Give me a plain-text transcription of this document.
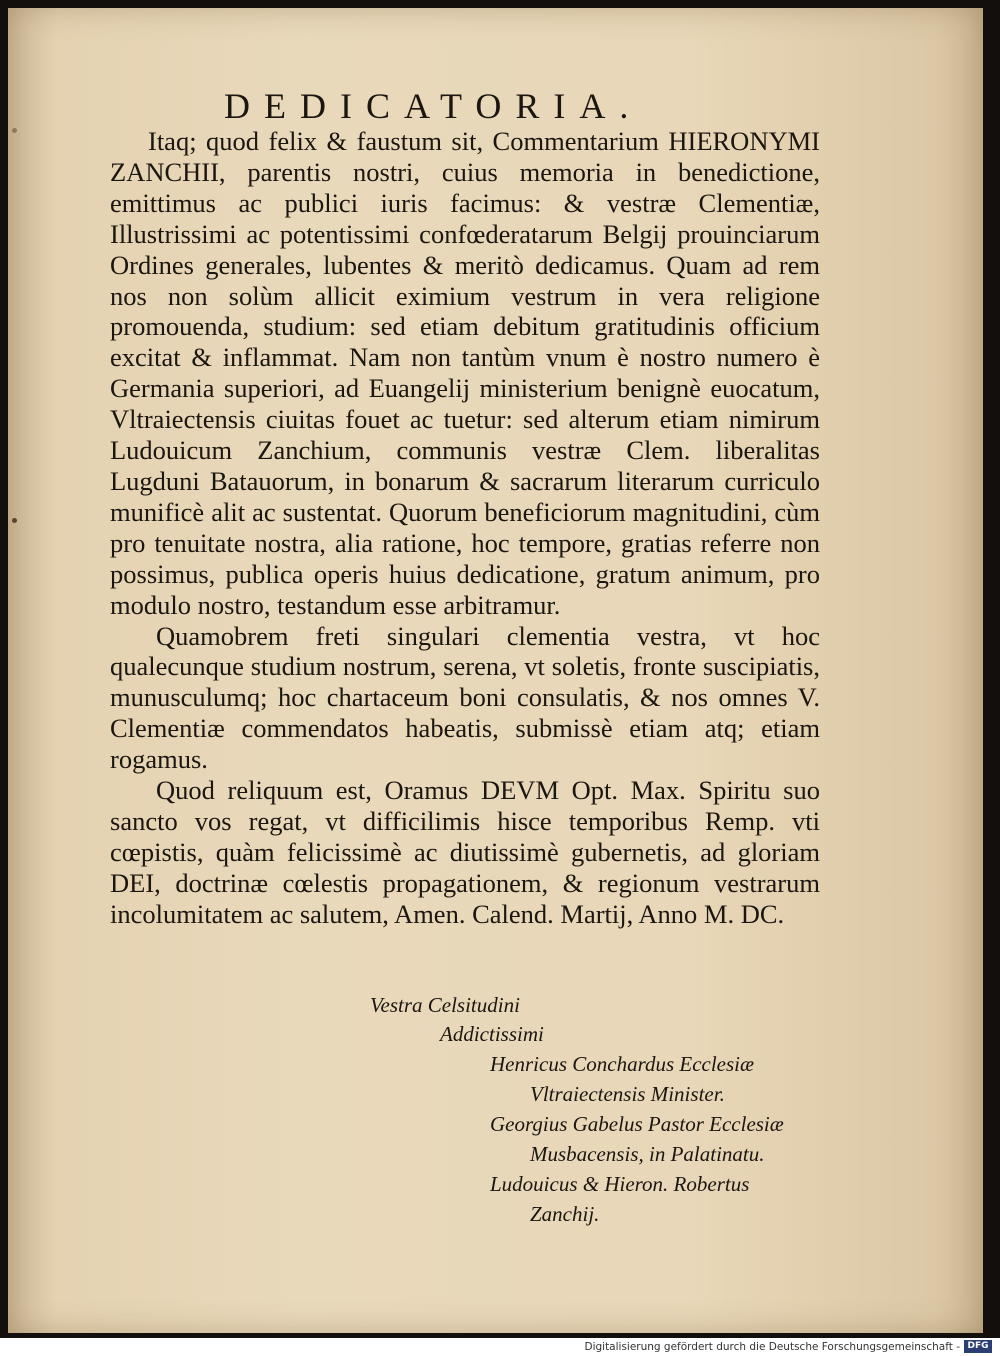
DEDICATORIA.

Itaq; quod felix & faustum sit, Commentarium HIERONYMI ZANCHII, parentis nostri, cuius memoria in benedictione, emittimus ac publici iuris facimus: & vestræ Clementiæ, Illustrissimi ac potentissimi confœderatarum Belgij prouinciarum Ordines generales, lubentes & meritò dedicamus. Quam ad rem nos non solùm allicit eximium vestrum in vera religione promouenda, studium: sed etiam debitum gratitudinis officium excitat & inflammat. Nam non tantùm vnum è nostro numero è Germania superiori, ad Euangelij ministerium benignè euocatum, Vltraiectensis ciuitas fouet ac tuetur: sed alterum etiam nimirum Ludouicum Zanchium, communis vestræ Clem. liberalitas Lugduni Batauorum, in bonarum & sacrarum literarum curriculo munificè alit ac sustentat. Quorum beneficiorum magnitudini, cùm pro tenuitate nostra, alia ratione, hoc tempore, gratias referre non possimus, publica operis huius dedicatione, gratum animum, pro modulo nostro, testandum esse arbitramur.

Quamobrem freti singulari clementia vestra, vt hoc qualecunque studium nostrum, serena, vt soletis, fronte suscipiatis, munusculumq; hoc chartaceum boni consulatis, & nos omnes V. Clementiæ commendatos habeatis, submissè etiam atq; etiam rogamus.

Quod reliquum est, Oramus DEVM Opt. Max. Spiritu suo sancto vos regat, vt difficilimis hisce temporibus Remp. vti cœpistis, quàm felicissimè ac diutissimè gubernetis, ad gloriam DEI, doctrinæ cœlestis propagationem, & regionum vestrarum incolumitatem ac salutem, Amen. Calend. Martij, Anno M. DC.

Vestra Celsitudini
Addictissimi
Henricus Conchardus Ecclesiæ
Vltraiectensis Minister.
Georgius Gabelus Pastor Ecclesiæ
Musbacensis, in Palatinatu.
Ludouicus & Hieron. Robertus
Zanchij.
Digitalisierung gefördert durch die Deutsche Forschungsgemeinschaft - DFG
